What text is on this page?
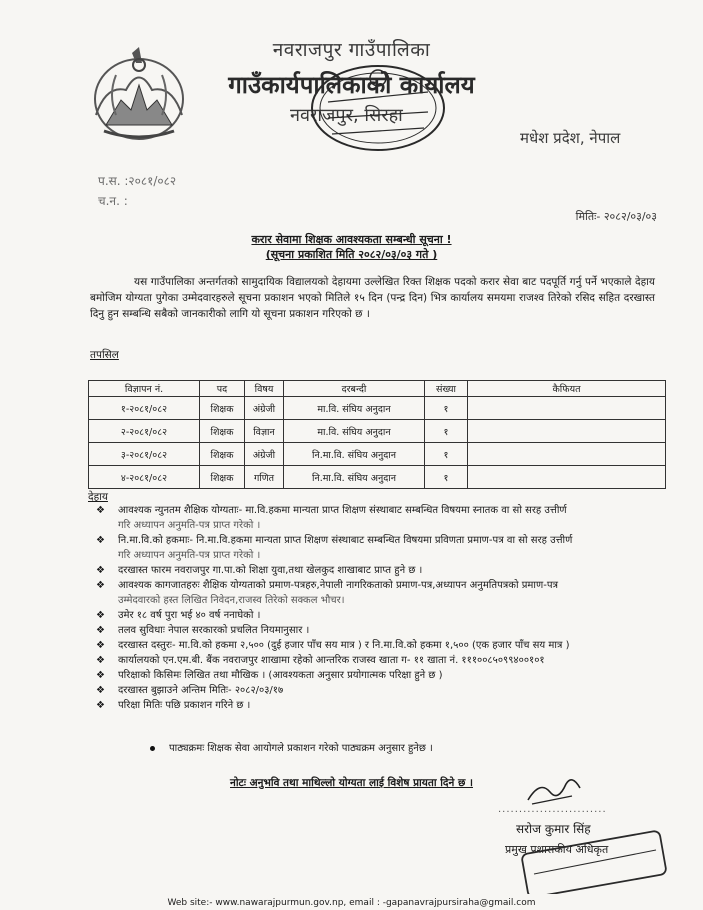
नवराजपुर गाउँपालिका
गाउँकार्यपालिकाको कार्यालय
नवराजपुर, सिरहा
मधेश प्रदेश, नेपाल
प.स. :२०८१/०८२
च.न. :
मितिः- २०८२/०३/०३
करार सेवामा शिक्षक आवश्यकता सम्बन्धी सूचना !
(सूचना प्रकाशित मिति २०८२/०३/०३ गते )
यस गाउँपालिका अन्तर्गतको सामुदायिक विद्यालयको देहायमा उल्लेखित रिक्त शिक्षक पदको करार सेवा बाट पदपूर्ति गर्नु पर्ने भएकाले देहाय बमोजिम योग्यता पुगेका उम्मेदवारहरुले सूचना प्रकाशन भएको मितिले १५ दिन (पन्द्र दिन) भित्र कार्यालय समयमा राजश्व तिरेको रसिद सहित दरखास्त दिनु हुन सम्बन्धि सबैको जानकारीको लागि यो सूचना प्रकाशन गरिएको छ ।
तपसिल
विज्ञापन नं.	पद	विषय	दरबन्दी	संख्या	कैफियत
१-२०८१/०८२	शिक्षक	अंग्रेजी	मा.वि. संघिय अनुदान	१	
२-२०८१/०८२	शिक्षक	विज्ञान	मा.वि. संघिय अनुदान	१	
३-२०८१/०८२	शिक्षक	अंग्रेजी	नि.मा.वि. संघिय अनुदान	१	
४-२०८१/०८२	शिक्षक	गणित	नि.मा.वि. संघिय अनुदान	१	
देहाय
❖ आवश्यक न्युनतम शैक्षिक योग्यताः- मा.वि.हकमा मान्यता प्राप्त शिक्षण संस्थाबाट सम्बन्धित विषयमा स्नातक वा सो सरह उत्तीर्ण
गरि अध्यापन अनुमति-पत्र प्राप्त गरेको ।
❖ नि.मा.वि.को हकमाः- नि.मा.वि.हकमा मान्यता प्राप्त शिक्षण संस्थाबाट सम्बन्धित विषयमा प्रविणता प्रमाण-पत्र वा सो सरह उत्तीर्ण
गरि अध्यापन अनुमति-पत्र प्राप्त गरेको ।
❖ दरखास्त फारम नवराजपुर गा.पा.को शिक्षा युवा,तथा खेलकुद शाखाबाट प्राप्त हुने छ ।
❖ आवश्यक कागजातहरुः शैक्षिक योग्यताको प्रमाण-पत्रहरु,नेपाली नागरिकताको प्रमाण-पत्र,अध्यापन अनुमतिपत्रको प्रमाण-पत्र
उम्मेदवारको हस्त लिखित निवेदन,राजस्व तिरेको सक्कल भौचर।
❖ उमेर १८ वर्ष पुरा भई ४० वर्ष ननाघेको ।
❖ तलव सुविधाः नेपाल सरकारको प्रचलित नियमानुसार ।
❖ दरखास्त दस्तुरः- मा.वि.को हकमा २,५०० (दुई हजार पाँच सय मात्र ) र नि.मा.वि.को हकमा १,५०० (एक हजार पाँच सय मात्र )
❖ कार्यालयको एन.एम.बी. बैंक नवराजपुर शाखामा रहेको आन्तरिक राजस्व खाता ग- ११ खाता नं. १११००८५०९९४००१०१
❖ परिक्षाको किसिमः लिखित तथा मौखिक । (आवश्यकता अनुसार प्रयोगात्मक परिक्षा हुने छ )
❖ दरखास्त बुझाउने अन्तिम मितिः- २०८२/०३/१७
❖ परिक्षा मितिः पछि प्रकाशन गरिने छ ।
पाठ्यक्रमः शिक्षक सेवा आयोगले प्रकाशन गरेको पाठ्यक्रम अनुसार हुनेछ ।
नोटः अनुभवि तथा माथिल्लो योग्यता लाई विशेष प्रायता दिने छ ।
..........................
सरोज कुमार सिंह
प्रमुख प्रशासकीय अधिकृत
Web site:- www.nawarajpurmun.gov.np, email : -gapanavrajpursiraha@gmail.com
